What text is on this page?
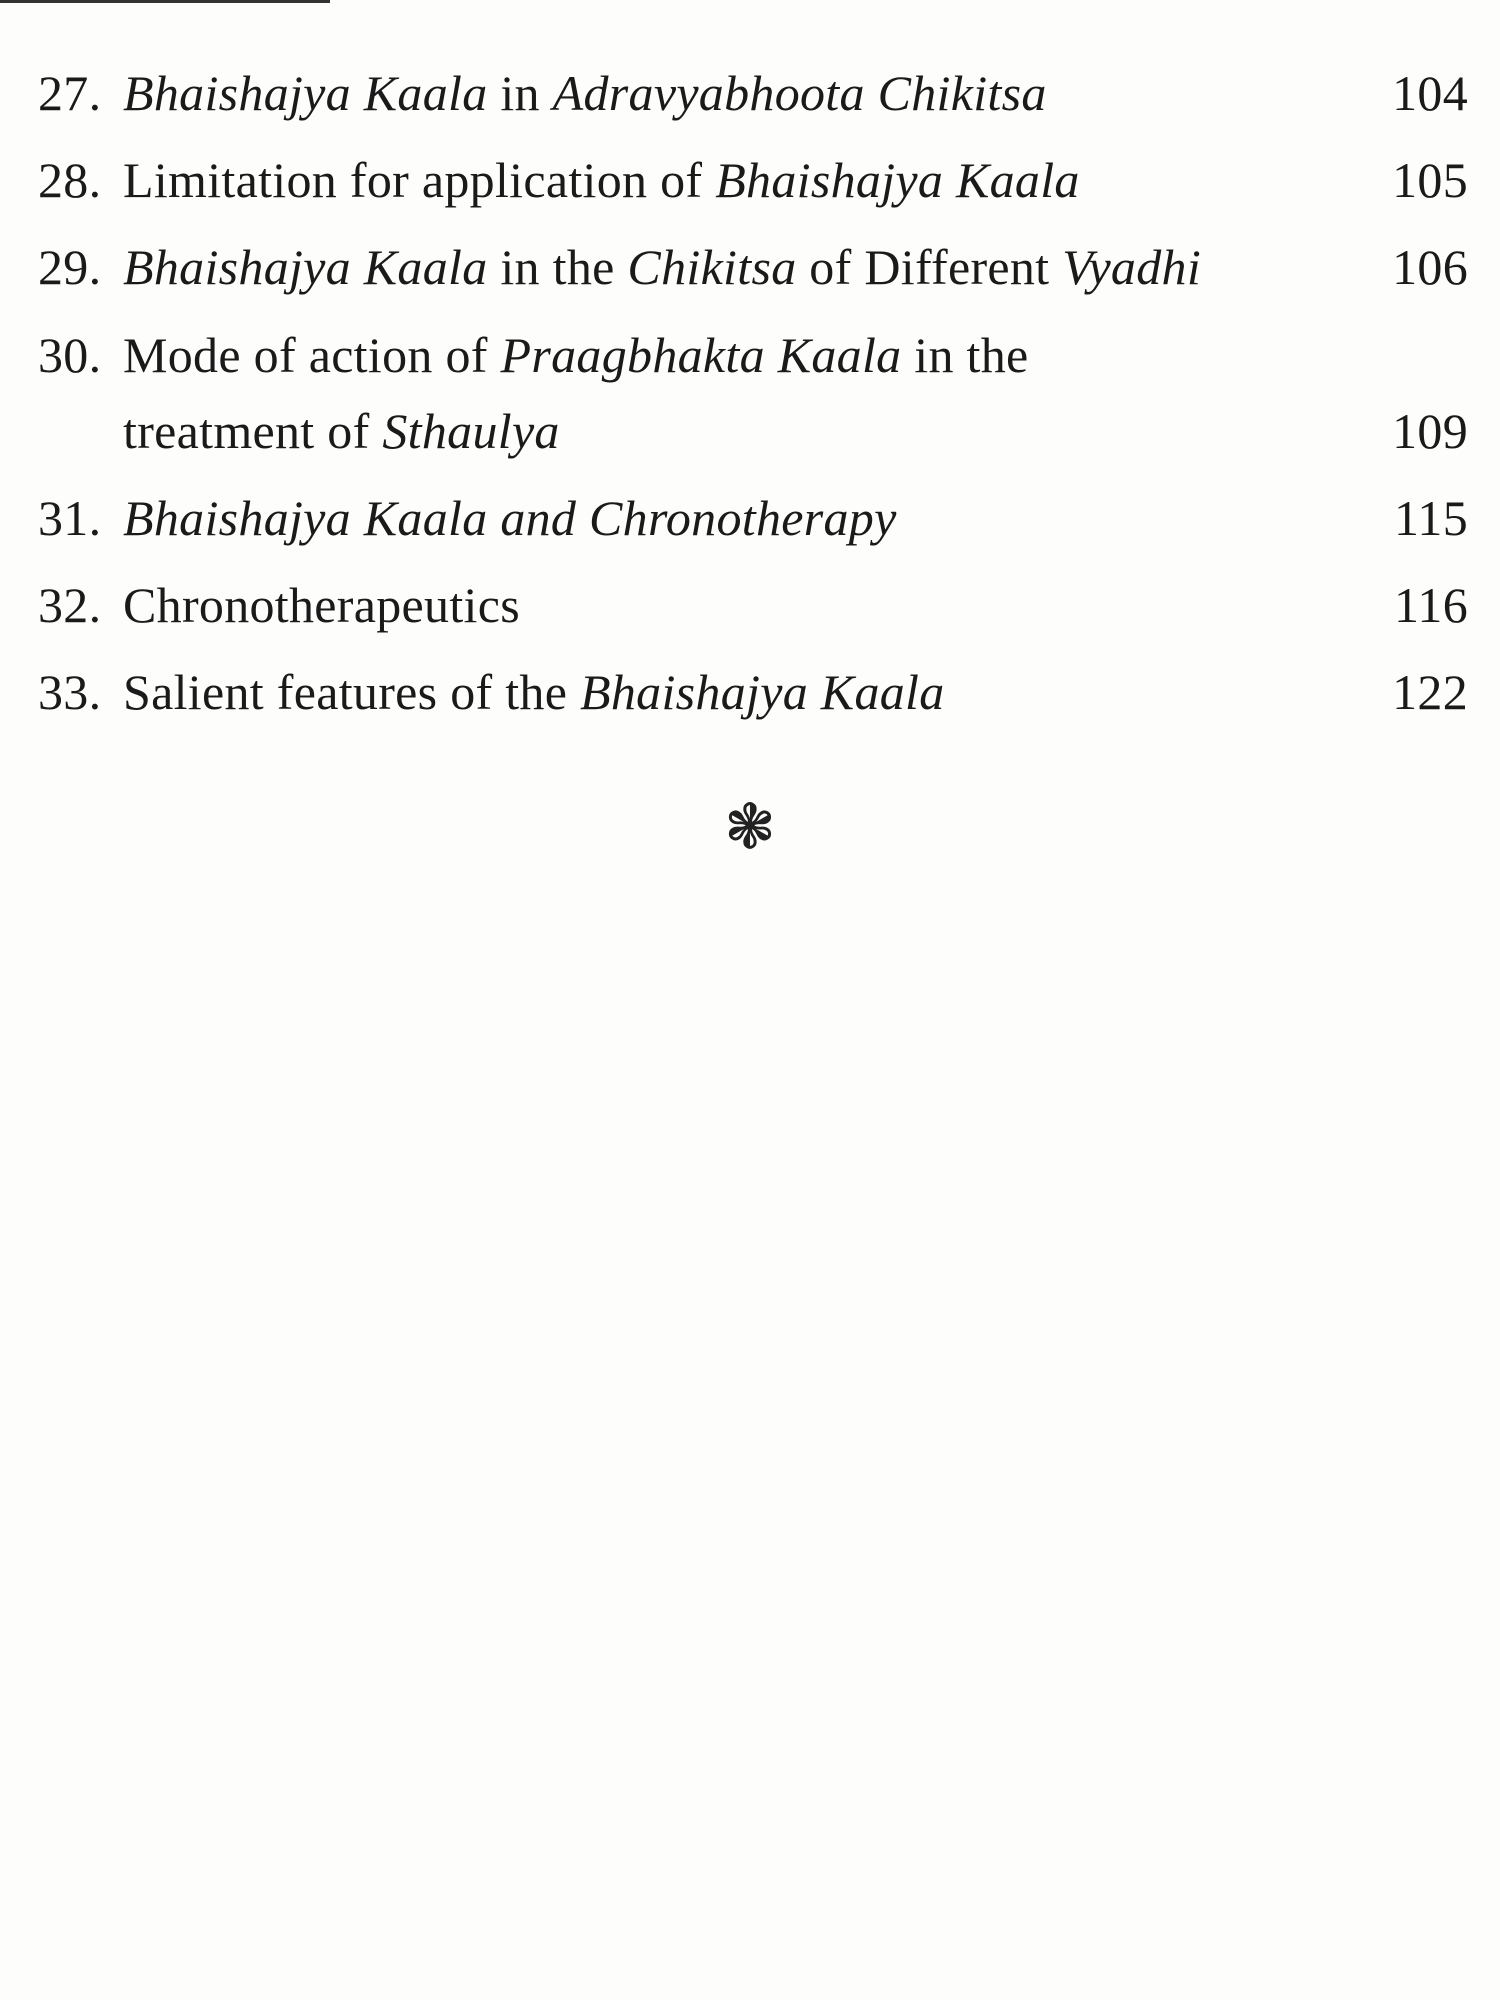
27. Bhaishajya Kaala in Adravyabhoota Chikitsa	104
28. Limitation for application of Bhaishajya Kaala	105
29. Bhaishajya Kaala in the Chikitsa of Different Vyadhi	106
30. Mode of action of Praagbhakta Kaala in the treatment of Sthaulya	109
31. Bhaishajya Kaala and Chronotherapy	115
32. Chronotherapeutics	116
33. Salient features of the Bhaishajya Kaala	122
❃
